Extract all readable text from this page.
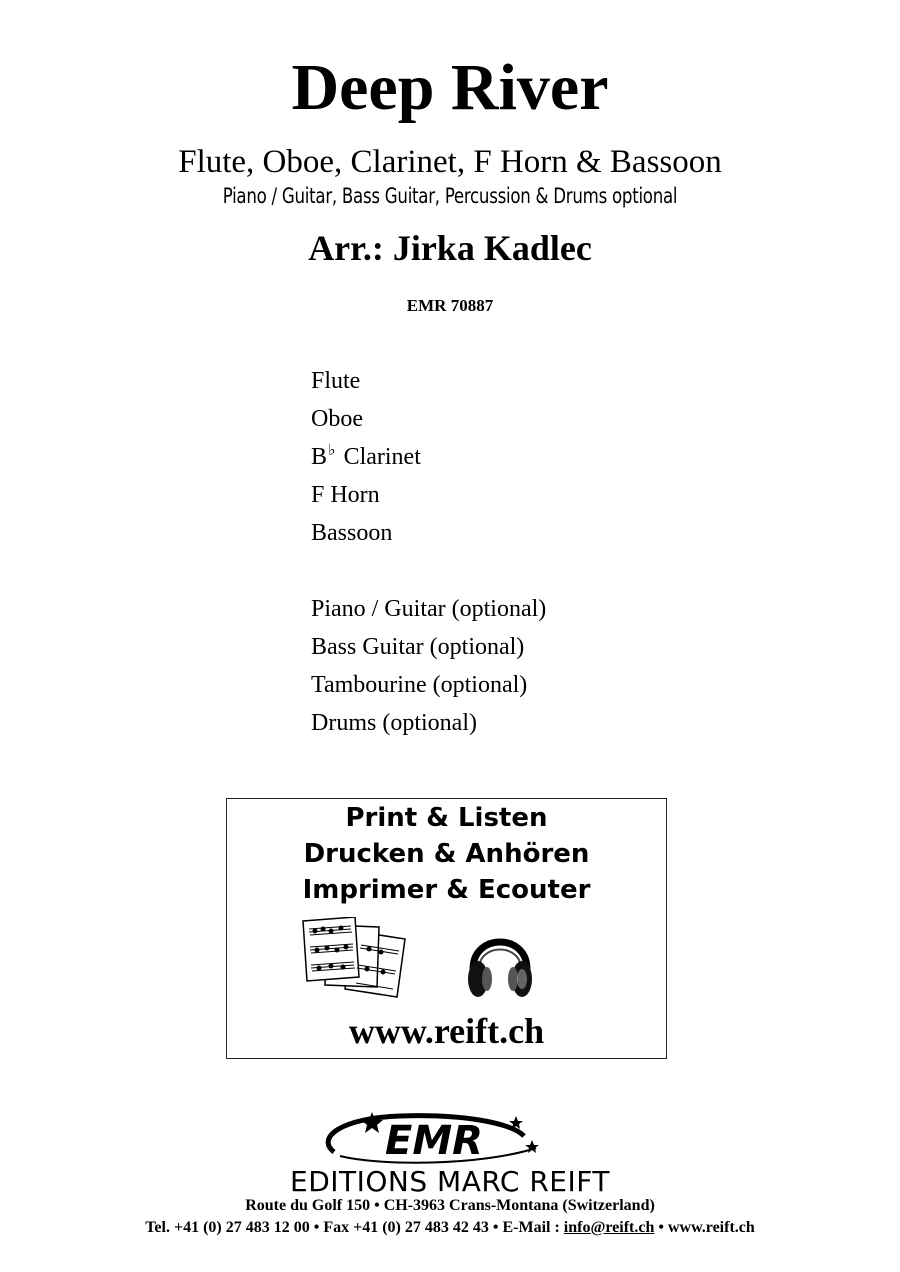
Deep River
Flute, Oboe, Clarinet, F Horn & Bassoon
Piano / Guitar, Bass Guitar, Percussion & Drums optional
Arr.: Jirka Kadlec
EMR 70887
Flute
Oboe
B♭ Clarinet
F Horn
Bassoon
Piano / Guitar (optional)
Bass Guitar (optional)
Tambourine (optional)
Drums (optional)
Print & Listen
Drucken & Anhören
Imprimer & Ecouter
www.reift.ch
EMR
EDITIONS MARC REIFT
Route du Golf 150 • CH-3963 Crans-Montana (Switzerland)
Tel. +41 (0) 27 483 12 00 • Fax +41 (0) 27 483 42 43 • E-Mail : info@reift.ch • www.reift.ch
